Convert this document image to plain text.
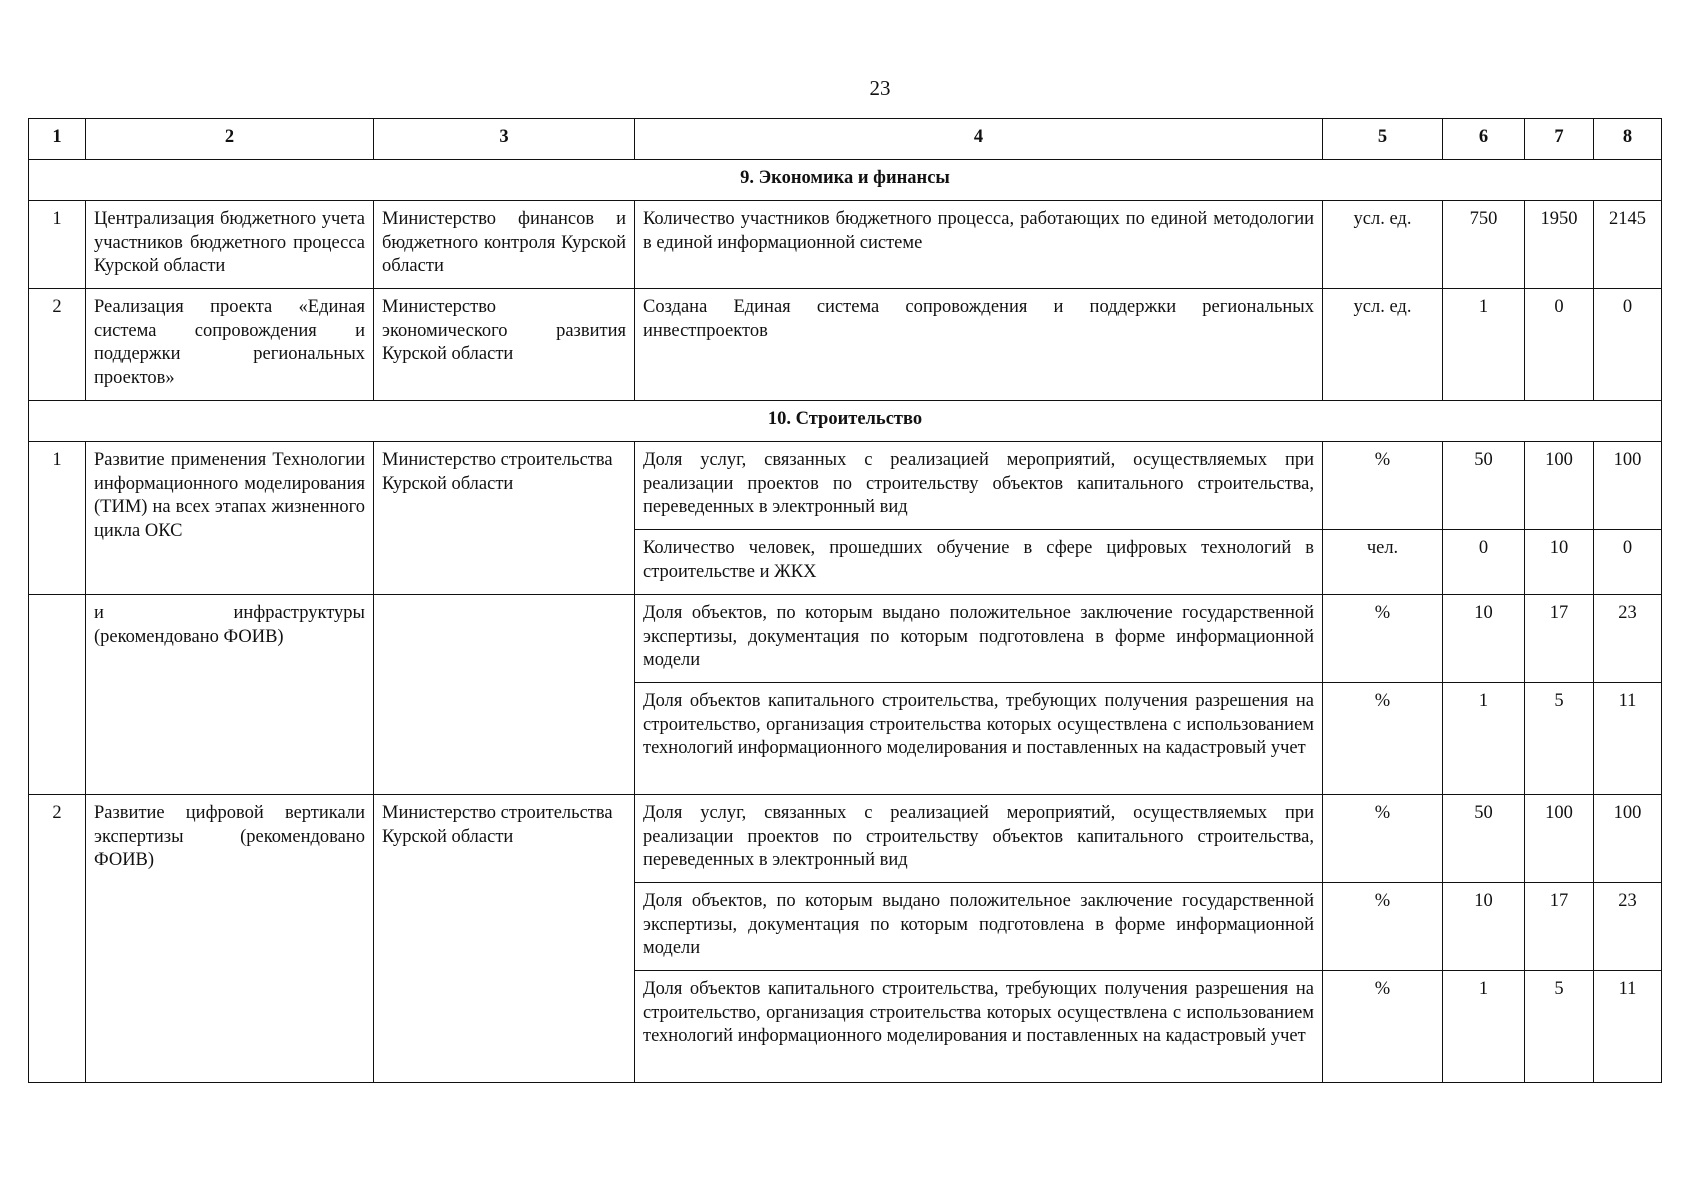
23
1	2	3	4	5	6	7	8
9. Экономика и финансы							
1	Централизация бюджетного учета участников бюджетного процесса Курской области	Министерство финансов и бюджетного контроля Курской области	Количество участников бюджетного процесса, работающих по единой методологии в единой информационной системе	усл. ед.	750	1950	2145
2	Реализация проекта «Единая система сопровождения и поддержки региональных проектов»	Министерство экономического развития Курской области	Создана Единая система сопровождения и поддержки региональных инвестпроектов	усл. ед.	1	0	0
10. Строительство							
1	Развитие применения Технологии информационного моделирования (ТИМ) на всех этапах жизненного цикла ОКС	Министерство строительства Курской области	Доля услуг, связанных с реализацией мероприятий, осуществляемых при реализации проектов по строительству объектов капитального строительства, переведенных в электронный вид	%	50	100	100
			Количество человек, прошедших обучение в сфере цифровых технологий в строительстве и ЖКХ	чел.	0	10	0
	и инфраструктуры (рекомендовано ФОИВ)		Доля объектов, по которым выдано положительное заключение государственной экспертизы, документация по которым подготовлена в форме информационной модели	%	10	17	23
			Доля объектов капитального строительства, требующих получения разрешения на строительство, организация строительства которых осуществлена с использованием технологий информационного моделирования и поставленных на кадастровый учет	%	1	5	11
2	Развитие цифровой вертикали экспертизы (рекомендовано ФОИВ)	Министерство строительства Курской области	Доля услуг, связанных с реализацией мероприятий, осуществляемых при реализации проектов по строительству объектов капитального строительства, переведенных в электронный вид	%	50	100	100
			Доля объектов, по которым выдано положительное заключение государственной экспертизы, документация по которым подготовлена в форме информационной модели	%	10	17	23
			Доля объектов капитального строительства, требующих получения разрешения на строительство, организация строительства которых осуществлена с использованием технологий информационного моделирования и поставленных на кадастровый учет	%	1	5	11
